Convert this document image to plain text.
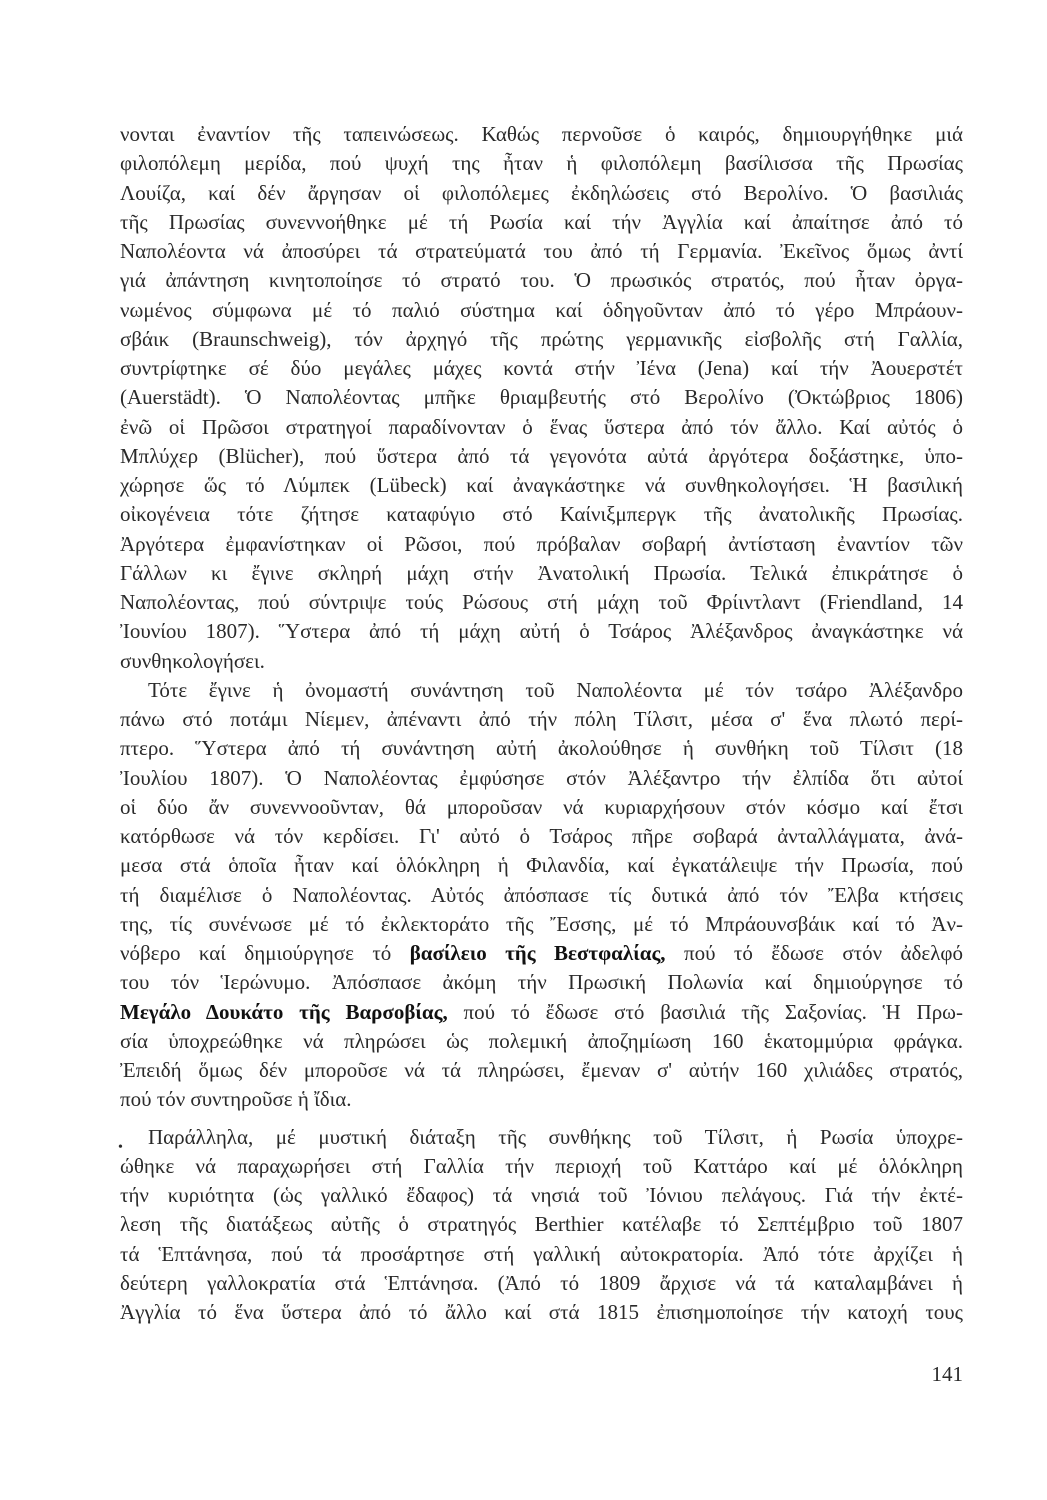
νονται ἐναντίον τῆς ταπεινώσεως. Καθώς περνοῦσε ὁ καιρός, δημιουργήθηκε μιά
φιλοπόλεμη μερίδα, πού ψυχή της ἦταν ἡ φιλοπόλεμη βασίλισσα τῆς Πρωσίας
Λουίζα, καί δέν ἄργησαν οἱ φιλοπόλεμες ἐκδηλώσεις στό Βερολίνο. Ὁ βασιλιάς
τῆς Πρωσίας συνεννοήθηκε μέ τή Ρωσία καί τήν Ἀγγλία καί ἀπαίτησε ἀπό τό
Ναπολέοντα νά ἀποσύρει τά στρατεύματά του ἀπό τή Γερμανία. Ἐκεῖνος ὅμως ἀντί
γιά ἀπάντηση κινητοποίησε τό στρατό του. Ὁ πρωσικός στρατός, πού ἦταν ὀργα-
νωμένος σύμφωνα μέ τό παλιό σύστημα καί ὁδηγοῦνταν ἀπό τό γέρο Μπράουν-
σβάικ (Braunschweig), τόν ἀρχηγό τῆς πρώτης γερμανικῆς εἰσβολῆς στή Γαλλία,
συντρίφτηκε σέ δύο μεγάλες μάχες κοντά στήν Ἰένα (Jena) καί τήν Ἀουερστέτ
(Auerstädt). Ὁ Ναπολέοντας μπῆκε θριαμβευτής στό Βερολίνο (Ὀκτώβριος 1806)
ἐνῶ οἱ Πρῶσοι στρατηγοί παραδίνονταν ὁ ἕνας ὕστερα ἀπό τόν ἄλλο. Καί αὐτός ὁ
Μπλύχερ (Blücher), πού ὕστερα ἀπό τά γεγονότα αὐτά ἀργότερα δοξάστηκε, ὑπο-
χώρησε ὥς τό Λύμπεκ (Lübeck) καί ἀναγκάστηκε νά συνθηκολογήσει. Ἡ βασιλική
οἰκογένεια τότε ζήτησε καταφύγιο στό Καίνιξμπεργκ τῆς ἀνατολικῆς Πρωσίας.
Ἀργότερα ἐμφανίστηκαν οἱ Ρῶσοι, πού πρόβαλαν σοβαρή ἀντίσταση ἐναντίον τῶν
Γάλλων κι ἔγινε σκληρή μάχη στήν Ἀνατολική Πρωσία. Τελικά ἐπικράτησε ὁ
Ναπολέοντας, πού σύντριψε τούς Ρώσους στή μάχη τοῦ Φρίιντλαντ (Friendland, 14
Ἰουνίου 1807). Ὕστερα ἀπό τή μάχη αὐτή ὁ Τσάρος Ἀλέξανδρος ἀναγκάστηκε νά
συνθηκολογήσει.
Τότε ἔγινε ἡ ὀνομαστή συνάντηση τοῦ Ναπολέοντα μέ τόν τσάρο Ἀλέξανδρο
πάνω στό ποτάμι Νίεμεν, ἀπέναντι ἀπό τήν πόλη Τίλσιτ, μέσα σ' ἕνα πλωτό περί-
πτερο. Ὕστερα ἀπό τή συνάντηση αὐτή ἀκολούθησε ἡ συνθήκη τοῦ Τίλσιτ (18
Ἰουλίου 1807). Ὁ Ναπολέοντας ἐμφύσησε στόν Ἀλέξαντρο τήν ἐλπίδα ὅτι αὐτοί
οἱ δύο ἄν συνεννοοῦνταν, θά μποροῦσαν νά κυριαρχήσουν στόν κόσμο καί ἔτσι
κατόρθωσε νά τόν κερδίσει. Γι' αὐτό ὁ Τσάρος πῆρε σοβαρά ἀνταλλάγματα, ἀνά-
μεσα στά ὁποῖα ἦταν καί ὁλόκληρη ἡ Φιλανδία, καί ἐγκατάλειψε τήν Πρωσία, πού
τή διαμέλισε ὁ Ναπολέοντας. Αὐτός ἀπόσπασε τίς δυτικά ἀπό τόν Ἔλβα κτήσεις
της, τίς συνένωσε μέ τό ἐκλεκτοράτο τῆς Ἔσσης, μέ τό Μπράουνσβάικ καί τό Ἀν-
νόβερο καί δημιούργησε τό βασίλειο τῆς Βεστφαλίας, πού τό ἔδωσε στόν ἀδελφό
του τόν Ἱερώνυμο. Ἀπόσπασε ἀκόμη τήν Πρωσική Πολωνία καί δημιούργησε τό
Μεγάλο Δουκάτο τῆς Βαρσοβίας, πού τό ἔδωσε στό βασιλιά τῆς Σαξονίας. Ἡ Πρω-
σία ὑποχρεώθηκε νά πληρώσει ὡς πολεμική ἀποζημίωση 160 ἑκατομμύρια φράγκα.
Ἐπειδή ὅμως δέν μποροῦσε νά τά πληρώσει, ἔμεναν σ' αὐτήν 160 χιλιάδες στρατός,
πού τόν συντηροῦσε ἡ ἴδια.
Παράλληλα, μέ μυστική διάταξη τῆς συνθήκης τοῦ Τίλσιτ, ἡ Ρωσία ὑποχρε-
ώθηκε νά παραχωρήσει στή Γαλλία τήν περιοχή τοῦ Καττάρο καί μέ ὁλόκληρη
τήν κυριότητα (ὡς γαλλικό ἔδαφος) τά νησιά τοῦ Ἰόνιου πελάγους. Γιά τήν ἐκτέ-
λεση τῆς διατάξεως αὐτῆς ὁ στρατηγός Berthier κατέλαβε τό Σεπτέμβριο τοῦ 1807
τά Ἑπτάνησα, πού τά προσάρτησε στή γαλλική αὐτοκρατορία. Ἀπό τότε ἀρχίζει ἡ
δεύτερη γαλλοκρατία στά Ἑπτάνησα. (Ἀπό τό 1809 ἄρχισε νά τά καταλαμβάνει ἡ
Ἀγγλία τό ἕνα ὕστερα ἀπό τό ἄλλο καί στά 1815 ἐπισημοποίησε τήν κατοχή τους
•
141
